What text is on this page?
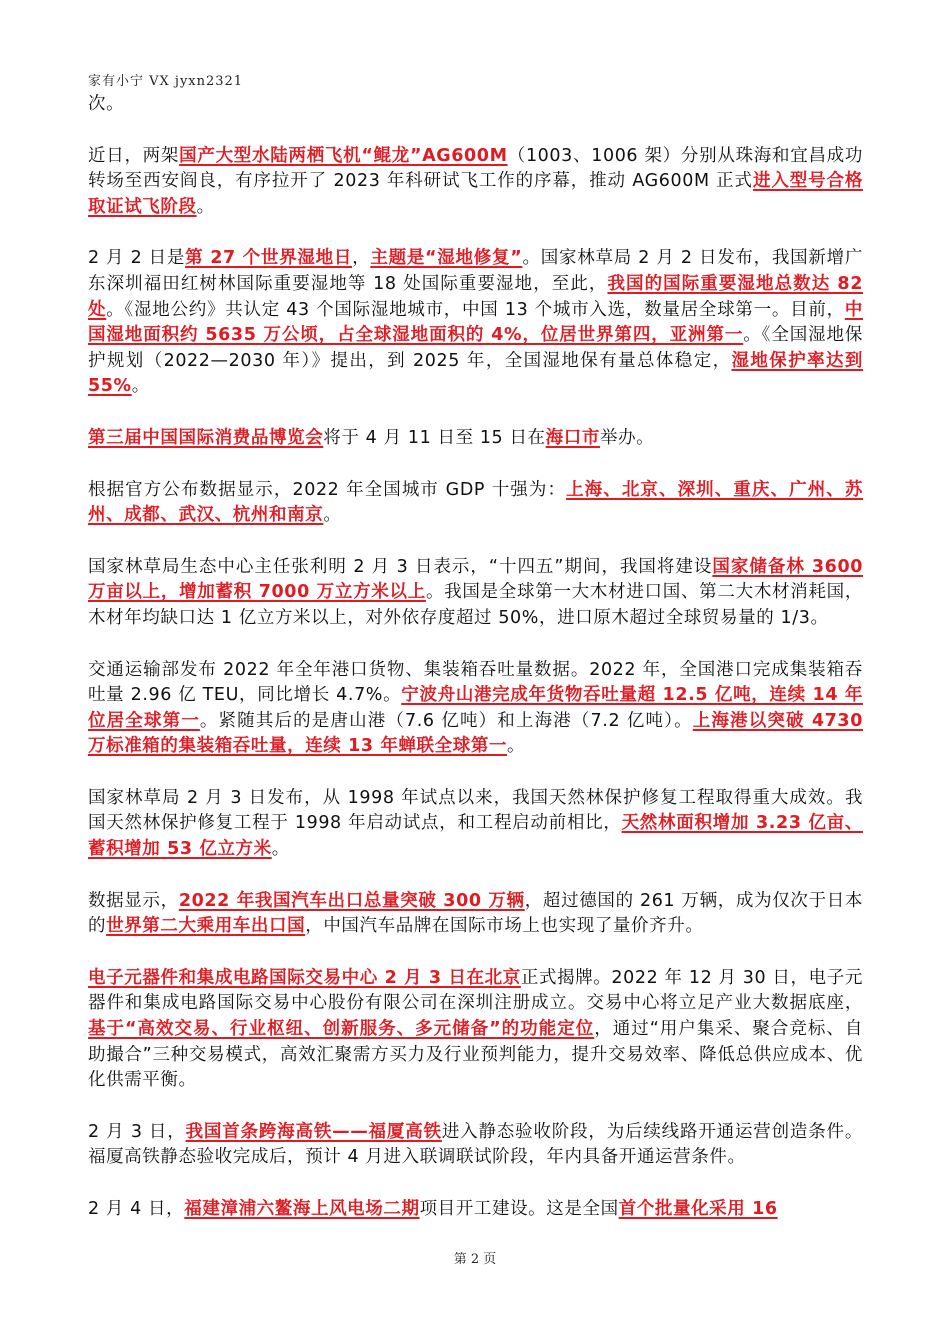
家有小宁 VX jyxn2321

次。

近日，两架国产大型水陆两栖飞机“鲲龙”AG600M（1003、1006 架）分别从珠海和宜昌成功转场至西安阎良，有序拉开了 2023 年科研试飞工作的序幕，推动 AG600M 正式进入型号合格取证试飞阶段。

2 月 2 日是第 27 个世界湿地日，主题是“湿地修复”。国家林草局 2 月 2 日发布，我国新增广东深圳福田红树林国际重要湿地等 18 处国际重要湿地，至此，我国的国际重要湿地总数达 82 处。《湿地公约》共认定 43 个国际湿地城市，中国 13 个城市入选，数量居全球第一。目前，中国湿地面积约 5635 万公顷，占全球湿地面积的 4%，位居世界第四，亚洲第一。《全国湿地保护规划（2022—2030 年）》提出，到 2025 年，全国湿地保有量总体稳定，湿地保护率达到 55%。

第三届中国国际消费品博览会将于 4 月 11 日至 15 日在海口市举办。

根据官方公布数据显示，2022 年全国城市 GDP 十强为：上海、北京、深圳、重庆、广州、苏州、成都、武汉、杭州和南京。

国家林草局生态中心主任张利明 2 月 3 日表示，“十四五”期间，我国将建设国家储备林 3600 万亩以上，增加蓄积 7000 万立方米以上。我国是全球第一大木材进口国、第二大木材消耗国，木材年均缺口达 1 亿立方米以上，对外依存度超过 50%，进口原木超过全球贸易量的 1/3。

交通运输部发布 2022 年全年港口货物、集装箱吞吐量数据。2022 年，全国港口完成集装箱吞吐量 2.96 亿 TEU，同比增长 4.7%。宁波舟山港完成年货物吞吐量超 12.5 亿吨，连续 14 年位居全球第一。紧随其后的是唐山港（7.6 亿吨）和上海港（7.2 亿吨）。上海港以突破 4730 万标准箱的集装箱吞吐量，连续 13 年蝉联全球第一。

国家林草局 2 月 3 日发布，从 1998 年试点以来，我国天然林保护修复工程取得重大成效。我国天然林保护修复工程于 1998 年启动试点，和工程启动前相比，天然林面积增加 3.23 亿亩、蓄积增加 53 亿立方米。

数据显示，2022 年我国汽车出口总量突破 300 万辆，超过德国的 261 万辆，成为仅次于日本的世界第二大乘用车出口国，中国汽车品牌在国际市场上也实现了量价齐升。

电子元器件和集成电路国际交易中心 2 月 3 日在北京正式揭牌。2022 年 12 月 30 日，电子元器件和集成电路国际交易中心股份有限公司在深圳注册成立。交易中心将立足产业大数据底座，基于“高效交易、行业枢纽、创新服务、多元储备”的功能定位，通过“用户集采、聚合竞标、自助撮合”三种交易模式，高效汇聚需方买力及行业预判能力，提升交易效率、降低总供应成本、优化供需平衡。

2 月 3 日，我国首条跨海高铁——福厦高铁进入静态验收阶段，为后续线路开通运营创造条件。福厦高铁静态验收完成后，预计 4 月进入联调联试阶段，年内具备开通运营条件。

2 月 4 日，福建漳浦六鳌海上风电场二期项目开工建设。这是全国首个批量化采用 16

第 2 页
